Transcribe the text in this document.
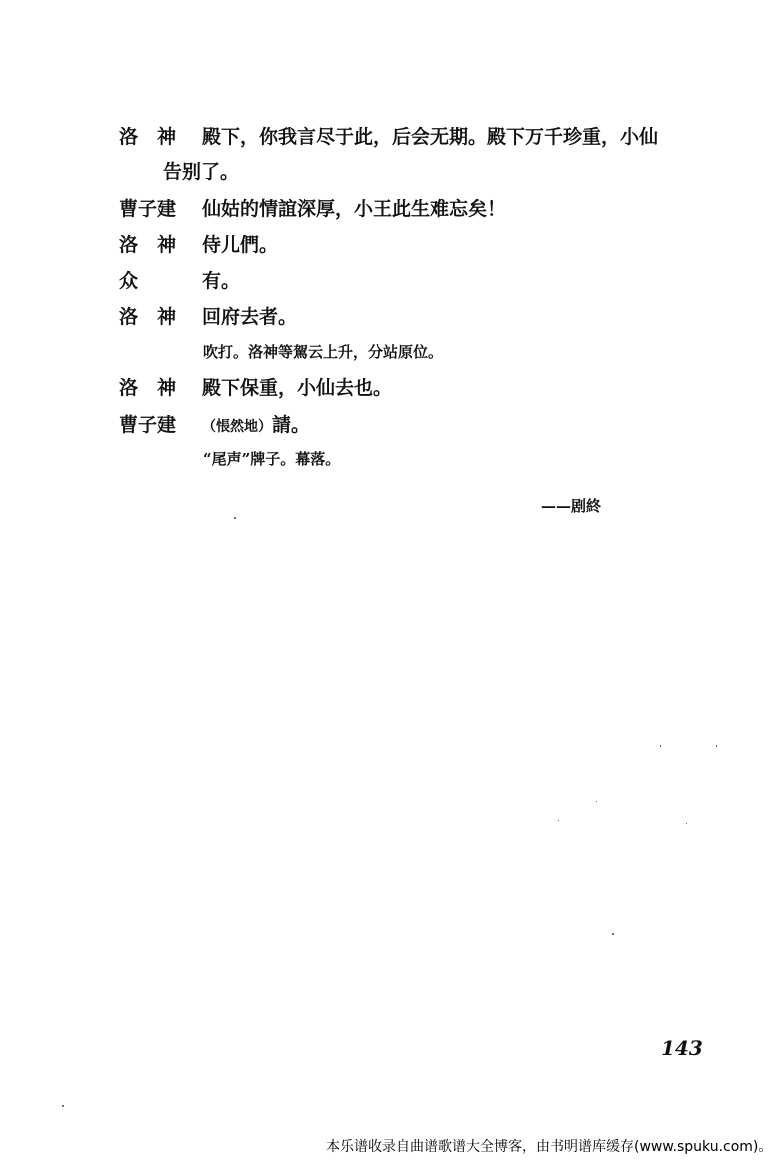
洛　神 殿下，你我言尽于此，后会无期。殿下万千珍重，小仙
告别了。
曹子建 仙姑的情誼深厚，小王此生难忘矣！
洛　神 侍儿們。
众	有。
洛　神 回府去者。
吹打。洛神等駕云上升，分站原位。
洛　神 殿下保重，小仙去也。
曹子建 （悵然地）請。
“尾声”牌子。幕落。
——剧終
143
本乐谱收录自曲谱歌谱大全博客，由书明谱库缓存(www.spuku.com)。
